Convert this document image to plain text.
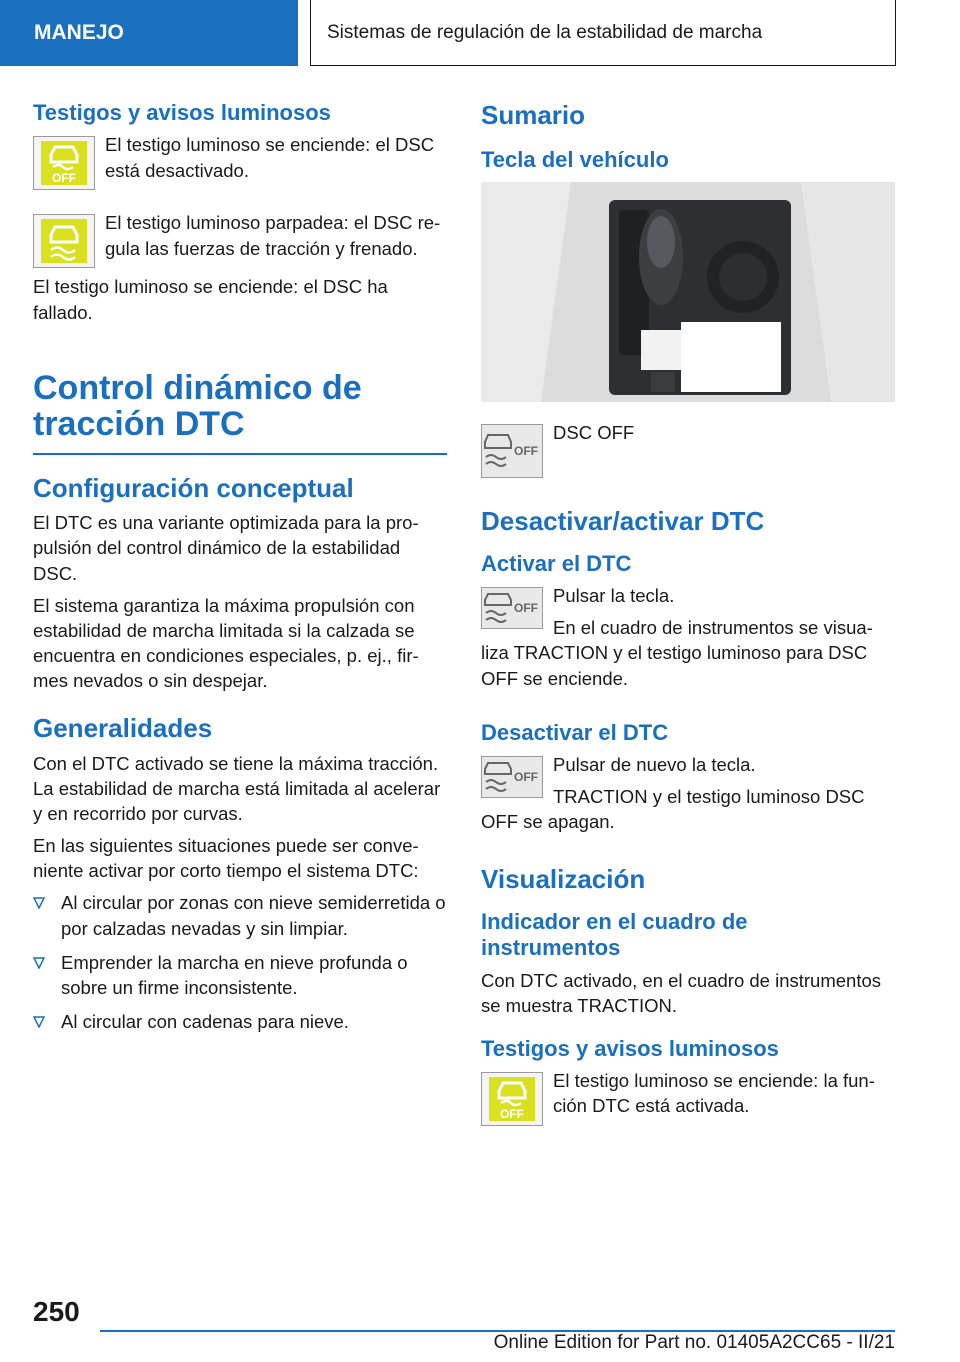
MANEJO	Sistemas de regulación de la estabilidad de marcha
Testigos y avisos luminosos
OFF

El testigo luminoso se enciende: el DSC está desactivado.

El testigo luminoso parpadea: el DSC re-gula las fuerzas de tracción y frenado.

El testigo luminoso se enciende: el DSC ha fallado.

Control dinámico de tracción DTC
Configuración conceptual

El DTC es una variante optimizada para la pro-pulsión del control dinámico de la estabilidad DSC.

El sistema garantiza la máxima propulsión con estabilidad de marcha limitada si la calzada se encuentra en condiciones especiales, p. ej., fir-mes nevados o sin despejar.

Generalidades

Con el DTC activado se tiene la máxima tracción. La estabilidad de marcha está limitada al acelerar y en recorrido por curvas.

En las siguientes situaciones puede ser conve-niente activar por corto tiempo el sistema DTC:

Al circular por zonas con nieve semiderretida o por calzadas nevadas y sin limpiar.
Emprender la marcha en nieve profunda o sobre un firme inconsistente.
Al circular con cadenas para nieve.
Sumario
Tecla del vehículo
OFF

DSC OFF

Desactivar/activar DTC
Activar el DTC
OFF

Pulsar la tecla.

En el cuadro de instrumentos se visua-liza TRACTION y el testigo luminoso para DSC OFF se enciende.

Desactivar el DTC
OFF

Pulsar de nuevo la tecla.

TRACTION y el testigo luminoso DSC OFF se apagan.

Visualización
Indicador en el cuadro de instrumentos

Con DTC activado, en el cuadro de instrumentos se muestra TRACTION.

Testigos y avisos luminosos
OFF

El testigo luminoso se enciende: la fun-ción DTC está activada.

250
Online Edition for Part no. 01405A2CC65 - II/21
